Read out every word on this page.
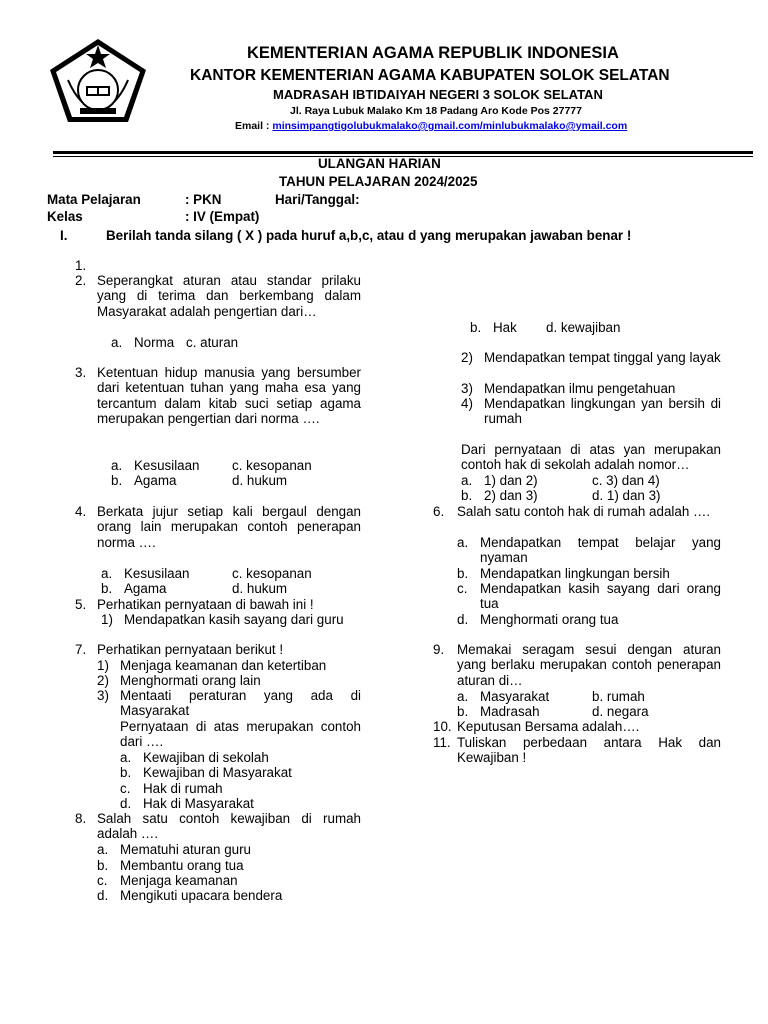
KEMENTERIAN AGAMA REPUBLIK INDONESIA
KANTOR KEMENTERIAN AGAMA KABUPATEN SOLOK SELATAN
MADRASAH IBTIDAIYAH NEGERI 3 SOLOK SELATAN
Jl. Raya Lubuk Malako Km 18 Padang Aro Kode Pos 27777
Email : minsimpangtigolubukmalako@gmail.com/minlubukmalako@ymail.com
ULANGAN HARIAN
TAHUN PELAJARAN 2024/2025
Mata Pelajaran	: PKN	Hari/Tanggal:
Kelas	: IV (Empat)
I.	Berilah tanda silang ( X ) pada huruf a,b,c, atau d yang merupakan jawaban benar !
1.
2. Seperangkat aturan atau standar prilaku yang di terima dan berkembang dalam Masyarakat adalah pengertian dari…
a. Norma c. aturan
3. Ketentuan hidup manusia yang bersumber dari ketentuan tuhan yang maha esa yang tercantum dalam kitab suci setiap agama merupakan pengertian dari norma ….
a. Kesusilaan c. kesopanan
b. Agama	d. hukum
4. Berkata jujur setiap kali bergaul dengan orang lain merupakan contoh penerapan norma ….
a. Kesusilaan	c. kesopanan
b. Agama	d. hukum
5. Perhatikan pernyataan di bawah ini !
1) Mendapatkan kasih sayang dari guru
7. Perhatikan pernyataan berikut !
1) Menjaga keamanan dan ketertiban
2) Menghormati orang lain
3) Mentaati peraturan yang ada di Masyarakat
Pernyataan di atas merupakan contoh dari ….
a. Kewajiban di sekolah
b. Kewajiban di Masyarakat
c. Hak di rumah
d. Hak di Masyarakat
8. Salah satu contoh kewajiban di rumah adalah ….
a. Mematuhi aturan guru
b. Membantu orang tua
c. Menjaga keamanan
d. Mengikuti upacara bendera
b. Hak d. kewajiban
2) Mendapatkan tempat tinggal yang layak
3) Mendapatkan ilmu pengetahuan
4) Mendapatkan lingkungan yan bersih di rumah
Dari pernyataan di atas yan merupakan contoh hak di sekolah adalah nomor…
a. 1) dan 2)	c. 3) dan 4)
b. 2) dan 3)	d. 1) dan 3)
6. Salah satu contoh hak di rumah adalah ….
a. Mendapatkan tempat belajar yang nyaman
b. Mendapatkan lingkungan bersih
c. Mendapatkan kasih sayang dari orang tua
d. Menghormati orang tua
9. Memakai seragam sesui dengan aturan yang berlaku merupakan contoh penerapan aturan di…
a. Masyarakat	b. rumah
b. Madrasah	d. negara
10. Keputusan Bersama adalah….
11. Tuliskan perbedaan antara Hak dan Kewajiban !
